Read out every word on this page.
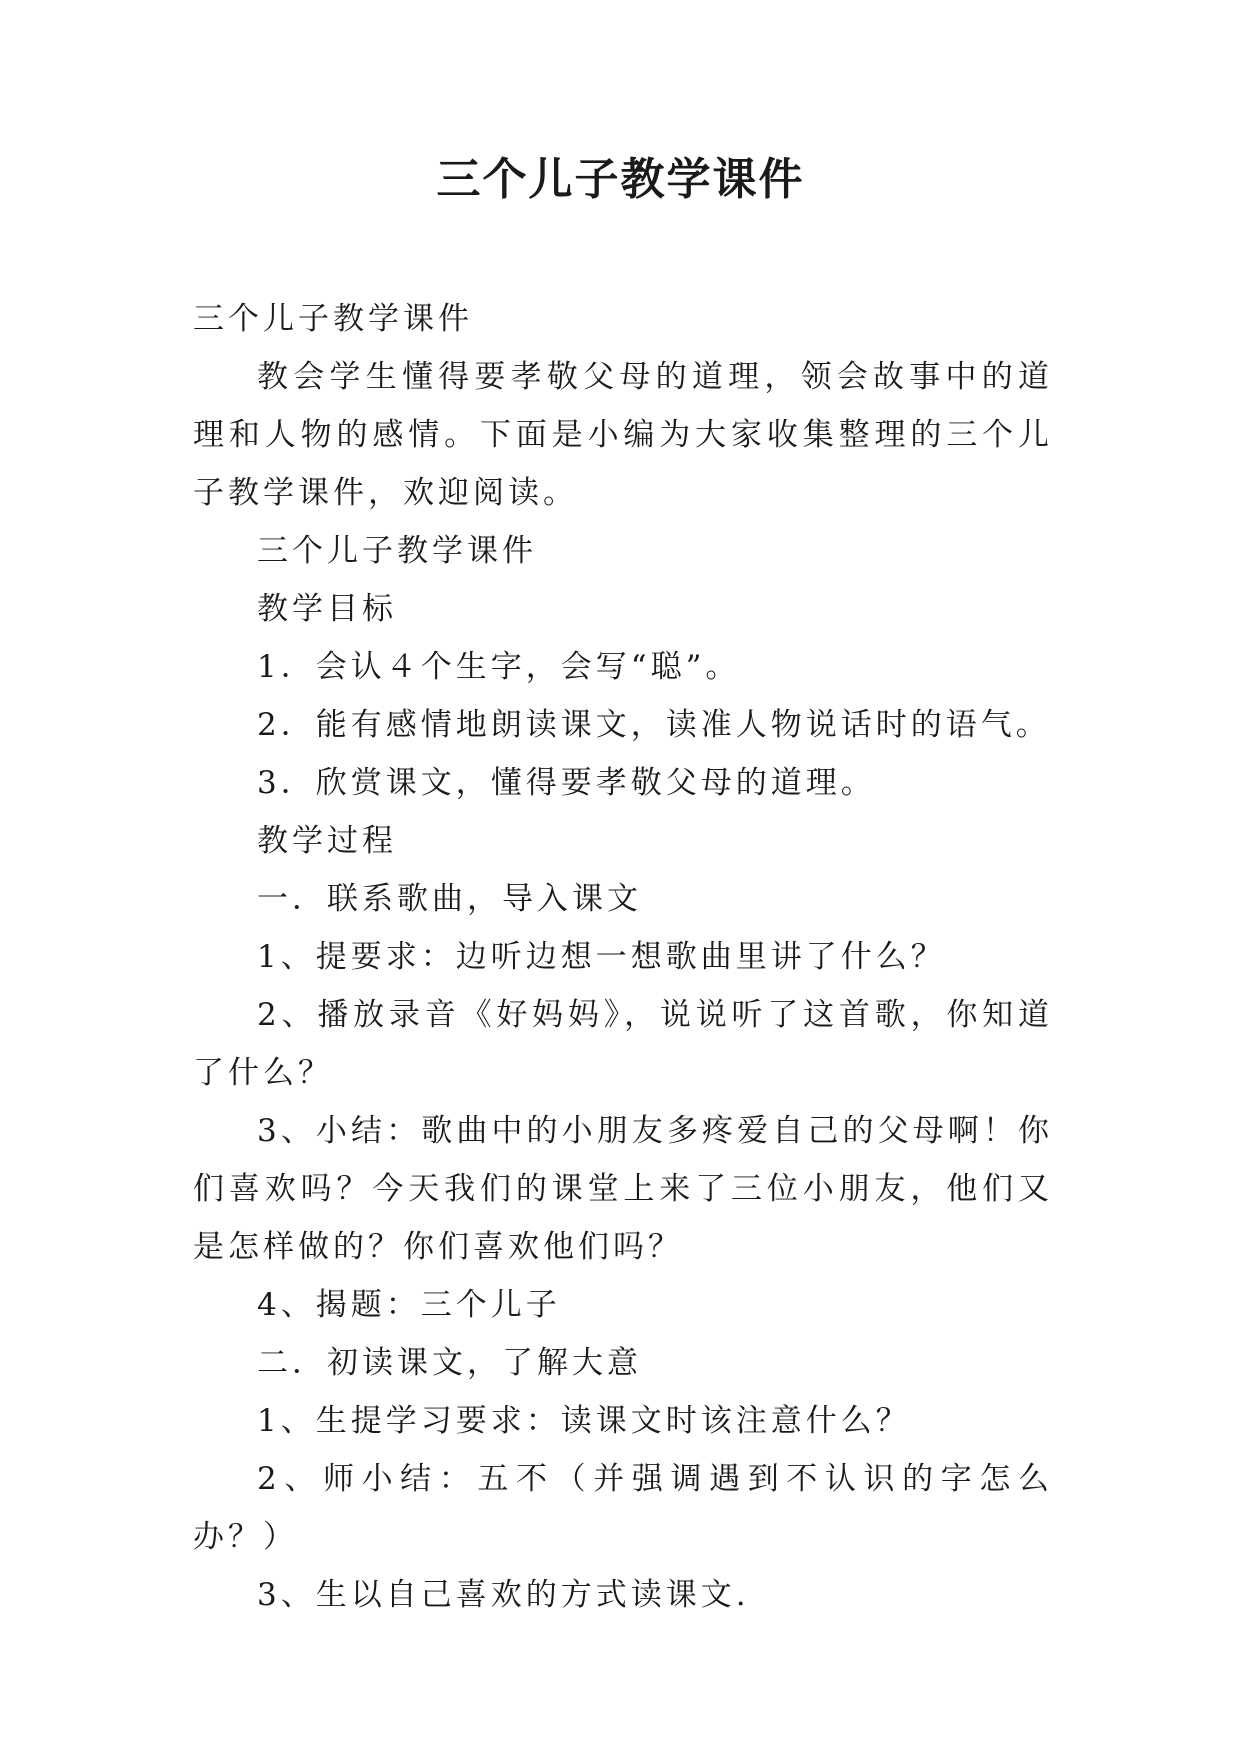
三个儿子教学课件

三个儿子教学课件

教会学生懂得要孝敬父母的道理，领会故事中的道理和人物的感情。下面是小编为大家收集整理的三个儿子教学课件，欢迎阅读。

三个儿子教学课件

教学目标

1．会认４个生字，会写“聪”。

2．能有感情地朗读课文，读准人物说话时的语气。

3．欣赏课文，懂得要孝敬父母的道理。

教学过程

一．联系歌曲，导入课文

1、提要求：边听边想一想歌曲里讲了什么？

2、播放录音《好妈妈》，说说听了这首歌，你知道了什么？

3、小结：歌曲中的小朋友多疼爱自己的父母啊！你们喜欢吗？今天我们的课堂上来了三位小朋友，他们又是怎样做的？你们喜欢他们吗？

4、揭题：三个儿子

二．初读课文，了解大意

1、生提学习要求：读课文时该注意什么？

2、师小结：五不（并强调遇到不认识的字怎么办？）

3、生以自己喜欢的方式读课文.
